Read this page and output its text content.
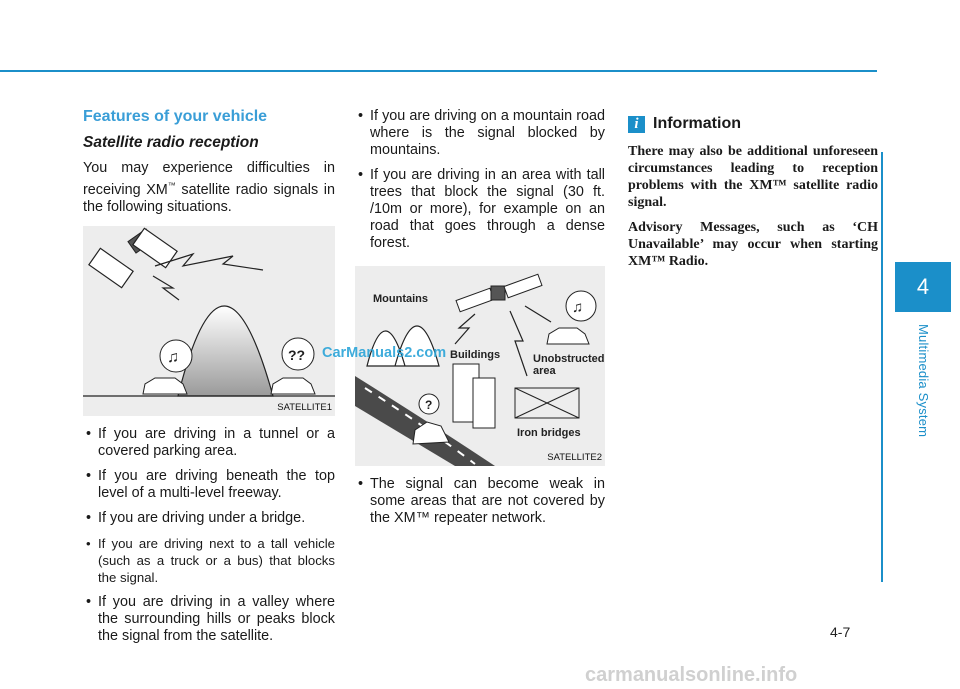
4
Multimedia System
Features of your vehicle
Satellite radio reception

You may experience difficulties in receiving XM™ satellite radio signals in the following situations.

♫	??
SATELLITE1
• If you are driving in a tunnel or a covered parking area.
• If you are driving beneath the top level of a multi-level freeway.
• If you are driving under a bridge.
• If you are driving next to a tall vehicle (such as a truck or a bus) that blocks the signal.
• If you are driving in a valley where the surrounding hills or peaks block the signal from the satellite.
• If you are driving on a mountain road where is the signal blocked by mountains.
• If you are driving in an area with tall trees that block the signal (30 ft. /10m or more), for example on an road that goes through a dense forest.
Mountains
Buildings	Unobstructed
area
Iron bridges
♫
?
SATELLITE2
• The signal can become weak in some areas that are not covered by the XM™ repeater network.
i Information

There may also be additional unforeseen circumstances leading to reception problems with the XM™ satellite radio signal.

Advisory Messages, such as ‘CH Unavailable’ may occur when starting XM™ Radio.

CarManuals2.com
carmanualsonline.info
4-7
